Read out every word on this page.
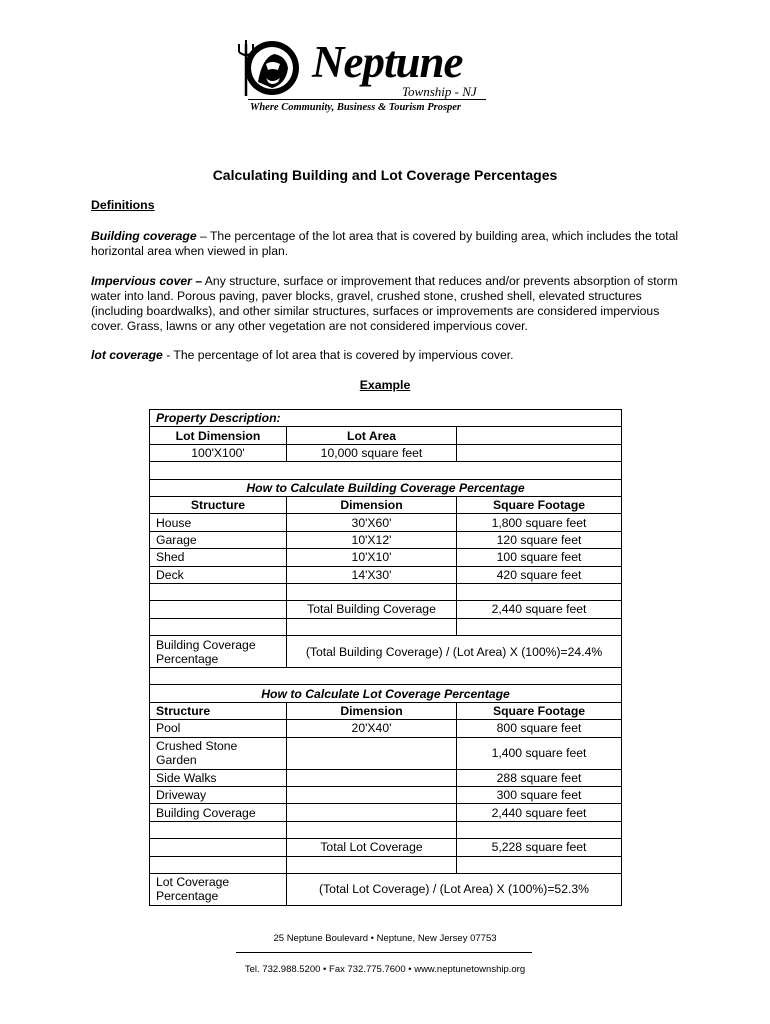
Neptune
Township - NJ
Where Community, Business & Tourism Prosper
Calculating Building and Lot Coverage Percentages
Definitions
Building coverage – The percentage of the lot area that is covered by building area, which includes the total horizontal area when viewed in plan.
Impervious cover – Any structure, surface or improvement that reduces and/or prevents absorption of storm water into land. Porous paving, paver blocks, gravel, crushed stone, crushed shell, elevated structures (including boardwalks), and other similar structures, surfaces or improvements are considered impervious cover. Grass, lawns or any other vegetation are not considered impervious cover.
lot coverage - The percentage of lot area that is covered by impervious cover.
Example
Property Description:		
Lot Dimension	Lot Area	
100'X100'	10,000 square feet	

How to Calculate Building Coverage Percentage		
Structure	Dimension	Square Footage
House	30'X60'	1,800 square feet
Garage	10'X12'	120 square feet
Shed	10'X10'	100 square feet
Deck	14'X30'	420 square feet

	Total Building Coverage	2,440 square feet

Building Coverage
Percentage	(Total Building Coverage) / (Lot Area) X (100%)=24.4%	

How to Calculate Lot Coverage Percentage		
Structure	Dimension	Square Footage
Pool	20'X40'	800 square feet
Crushed Stone
Garden		1,400 square feet
Side Walks		288 square feet
Driveway		300 square feet
Building Coverage		2,440 square feet

	Total Lot Coverage	5,228 square feet

Lot Coverage
Percentage	(Total Lot Coverage) / (Lot Area) X (100%)=52.3%	
25 Neptune Boulevard • Neptune, New Jersey 07753
Tel. 732.988.5200 • Fax 732.775.7600 • www.neptunetownship.org
